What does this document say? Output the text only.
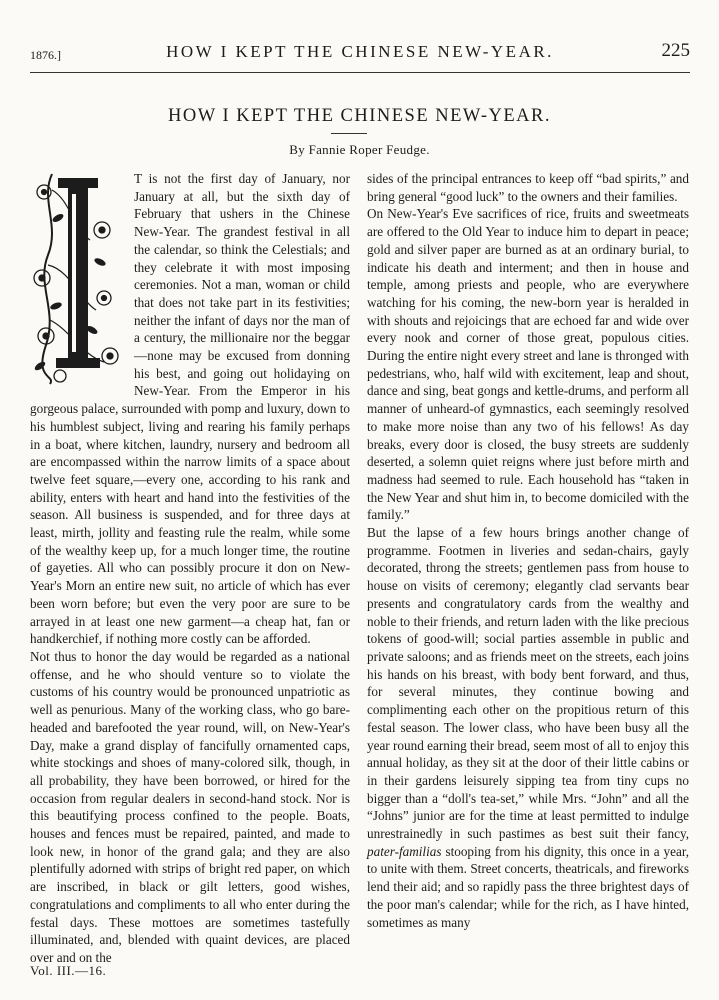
1876.]	HOW I KEPT THE CHINESE NEW-YEAR.	225
HOW I KEPT THE CHINESE NEW-YEAR.
By Fannie Roper Feudge.

T is not the first day of January, nor January at all, but the sixth day of February that ushers in the Chinese New-Year. The grandest festival in all the calendar, so think the Celestials; and they celebrate it with most imposing ceremonies. Not a man, woman or child that does not take part in its festivities; neither the infant of days nor the man of a century, the millionaire nor the beggar—none may be excused from donning his best, and going out holidaying on New-Year. From the Emperor in his gorgeous palace, surrounded with pomp and luxury, down to his humblest subject, living and rearing his family perhaps in a boat, where kitchen, laundry, nursery and bedroom all are encompassed within the narrow limits of a space about twelve feet square,—every one, according to his rank and ability, enters with heart and hand into the festivities of the season. All business is suspended, and for three days at least, mirth, jollity and feasting rule the realm, while some of the wealthy keep up, for a much longer time, the routine of gayeties. All who can possibly procure it don on New-Year's Morn an entire new suit, no article of which has ever been worn before; but even the very poor are sure to be arrayed in at least one new garment—a cheap hat, fan or handkerchief, if nothing more costly can be afforded.

Not thus to honor the day would be regarded as a national offense, and he who should venture so to violate the customs of his country would be pronounced unpatriotic as well as penurious. Many of the working class, who go bare-headed and barefooted the year round, will, on New-Year's Day, make a grand display of fancifully ornamented caps, white stockings and shoes of many-colored silk, though, in all probability, they have been borrowed, or hired for the occasion from regular dealers in second-hand stock. Nor is this beautifying process confined to the people. Boats, houses and fences must be repaired, painted, and made to look new, in honor of the grand gala; and they are also plentifully adorned with strips of bright red paper, on which are inscribed, in black or gilt letters, good wishes, congratulations and compliments to all who enter during the festal days. These mottoes are sometimes tastefully illuminated, and, blended with quaint devices, are placed over and on the

sides of the principal entrances to keep off “bad spirits,” and bring general “good luck” to the owners and their families.

On New-Year's Eve sacrifices of rice, fruits and sweetmeats are offered to the Old Year to induce him to depart in peace; gold and silver paper are burned as at an ordinary burial, to indicate his death and interment; and then in house and temple, among priests and people, who are everywhere watching for his coming, the new-born year is heralded in with shouts and rejoicings that are echoed far and wide over every nook and corner of those great, populous cities. During the entire night every street and lane is thronged with pedestrians, who, half wild with excitement, leap and shout, dance and sing, beat gongs and kettle-drums, and perform all manner of unheard-of gymnastics, each seemingly resolved to make more noise than any two of his fellows! As day breaks, every door is closed, the busy streets are suddenly deserted, a solemn quiet reigns where just before mirth and madness had seemed to rule. Each household has “taken in the New Year and shut him in, to become domiciled with the family.”

But the lapse of a few hours brings another change of programme. Footmen in liveries and sedan-chairs, gayly decorated, throng the streets; gentlemen pass from house to house on visits of ceremony; elegantly clad servants bear presents and congratulatory cards from the wealthy and noble to their friends, and return laden with the like precious tokens of good-will; social parties assemble in public and private saloons; and as friends meet on the streets, each joins his hands on his breast, with body bent forward, and thus, for several minutes, they continue bowing and complimenting each other on the propitious return of this festal season. The lower class, who have been busy all the year round earning their bread, seem most of all to enjoy this annual holiday, as they sit at the door of their little cabins or in their gardens leisurely sipping tea from tiny cups no bigger than a “doll's tea-set,” while Mrs. “John” and all the “Johns” junior are for the time at least permitted to indulge unrestrainedly in such pastimes as best suit their fancy, pater-familias stooping from his dignity, this once in a year, to unite with them. Street concerts, theatricals, and fireworks lend their aid; and so rapidly pass the three brightest days of the poor man's calendar; while for the rich, as I have hinted, sometimes as many

Vol. III.—16.
